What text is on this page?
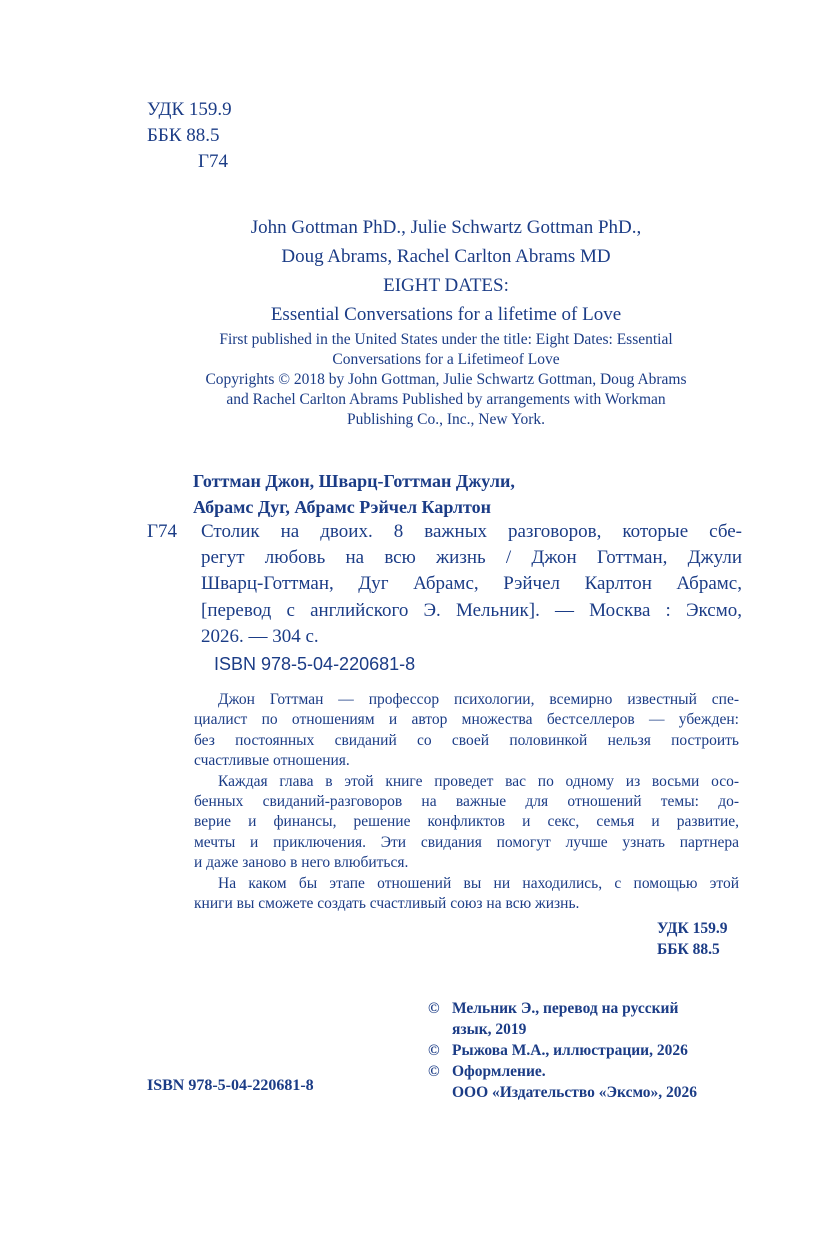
УДК 159.9
ББК 88.5
Г74
John Gottman PhD., Julie Schwartz Gottman PhD.,
Doug Abrams, Rachel Carlton Abrams MD
EIGHT DATES:
Essential Conversations for a lifetime of Love
First published in the United States under the title: Eight Dates: Essential
Conversations for a Lifetimeof Love
Copyrights © 2018 by John Gottman, Julie Schwartz Gottman, Doug Abrams
and Rachel Carlton Abrams Published by arrangements with Workman
Publishing Co., Inc., New York.
Готтман Джон, Шварц-Готтман Джули,
Абрамс Дуг, Абрамс Рэйчел Карлтон
Г74 Столик на двоих. 8 важных разговоров, которые сбе-
регут любовь на всю жизнь / Джон Готтман, Джули
Шварц-Готтман, Дуг Абрамс, Рэйчел Карлтон Абрамс,
[перевод с английского Э. Мельник]. — Москва : Эксмо,
2026. — 304 с.
ISBN 978-5-04-220681-8
Джон Готтман — профессор психологии, всемирно известный спе-
циалист по отношениям и автор множества бестселлеров — убежден:
без постоянных свиданий со своей половинкой нельзя построить
счастливые отношения.
Каждая глава в этой книге проведет вас по одному из восьми осо-
бенных свиданий-разговоров на важные для отношений темы: до-
верие и финансы, решение конфликтов и секс, семья и развитие,
мечты и приключения. Эти свидания помогут лучше узнать партнера
и даже заново в него влюбиться.
На каком бы этапе отношений вы ни находились, с помощью этой
книги вы сможете создать счастливый союз на всю жизнь.
УДК 159.9
ББК 88.5
© Мельник Э., перевод на русский
язык, 2019
© Рыжова М.А., иллюстрации, 2026
© Оформление.
ООО «Издательство «Эксмо», 2026
ISBN 978-5-04-220681-8
